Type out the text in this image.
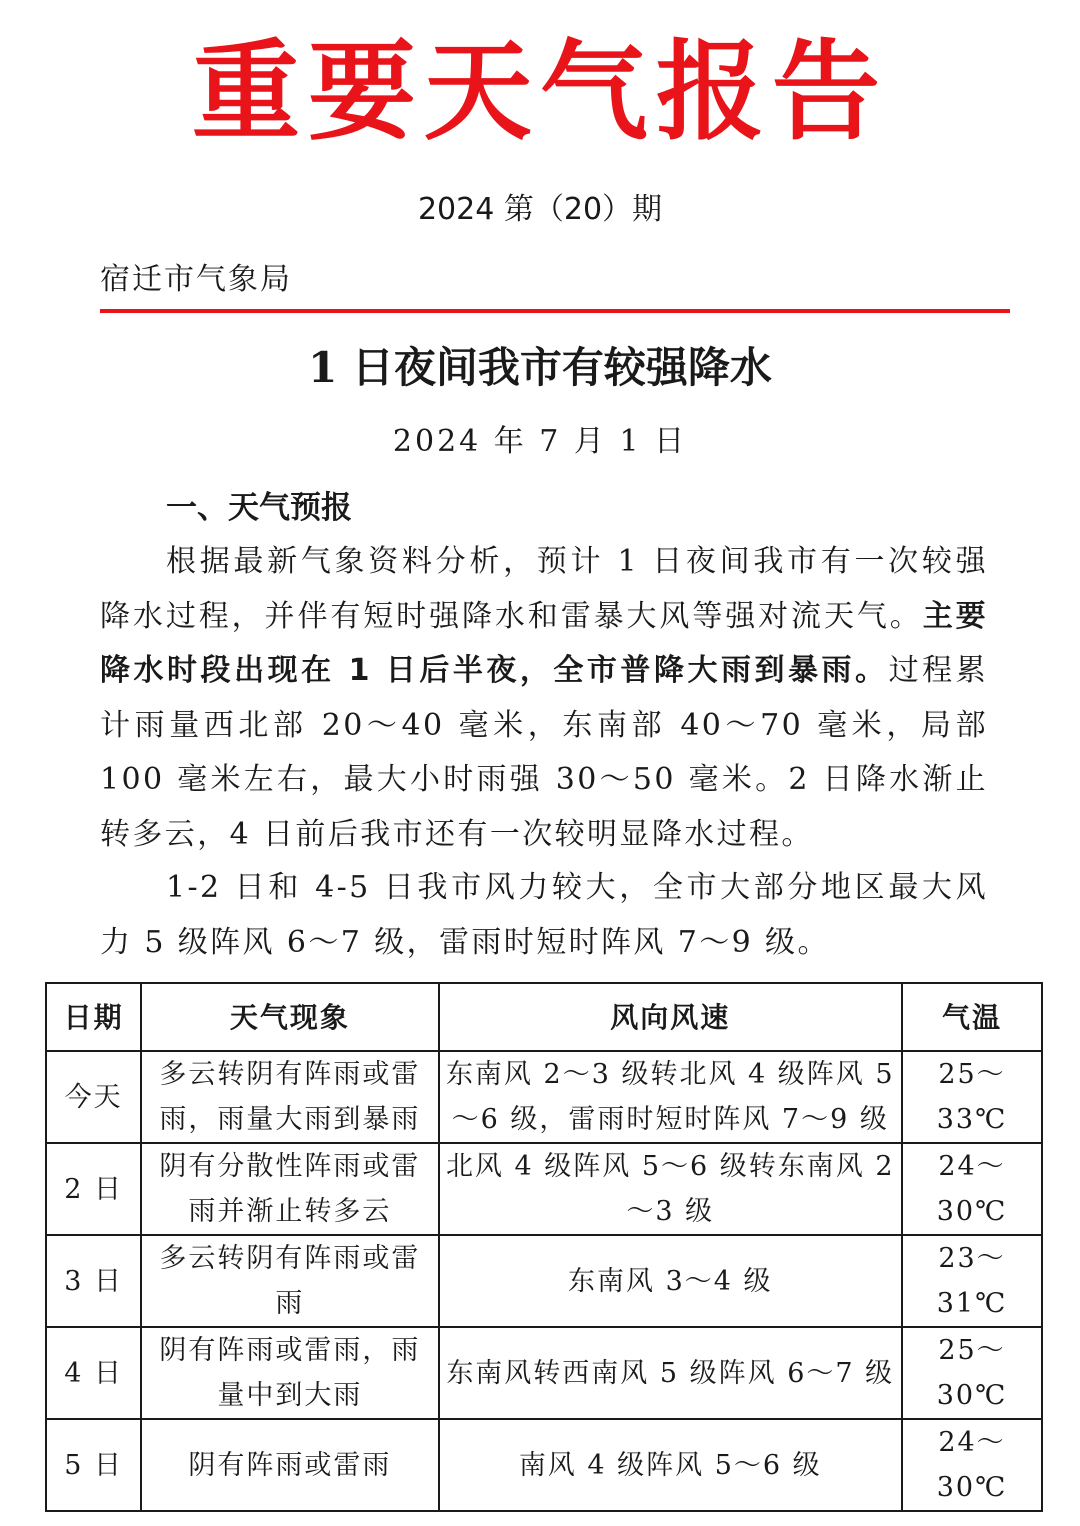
重要天气报告
2024 第（20）期
宿迁市气象局
1 日夜间我市有较强降水
2024 年 7 月 1 日
一、天气预报

根据最新气象资料分析，预计 1 日夜间我市有一次较强降水过程，并伴有短时强降水和雷暴大风等强对流天气。主要降水时段出现在 1 日后半夜，全市普降大雨到暴雨。过程累计雨量西北部 20～40 毫米，东南部 40～70 毫米，局部 100 毫米左右，最大小时雨强 30～50 毫米。2 日降水渐止转多云，4 日前后我市还有一次较明显降水过程。

1-2 日和 4-5 日我市风力较大，全市大部分地区最大风力 5 级阵风 6～7 级，雷雨时短时阵风 7～9 级。

日期	天气现象	风向风速	气温
今天	多云转阴有阵雨或雷雨，雨量大雨到暴雨	东南风 2～3 级转北风 4 级阵风 5～6 级，雷雨时短时阵风 7～9 级	25～33℃
2 日	阴有分散性阵雨或雷雨并渐止转多云	北风 4 级阵风 5～6 级转东南风 2～3 级	24～30℃
3 日	多云转阴有阵雨或雷雨	东南风 3～4 级	23～31℃
4 日	阴有阵雨或雷雨，雨量中到大雨	东南风转西南风 5 级阵风 6～7 级	25～30℃
5 日	阴有阵雨或雷雨	南风 4 级阵风 5～6 级	24～30℃
